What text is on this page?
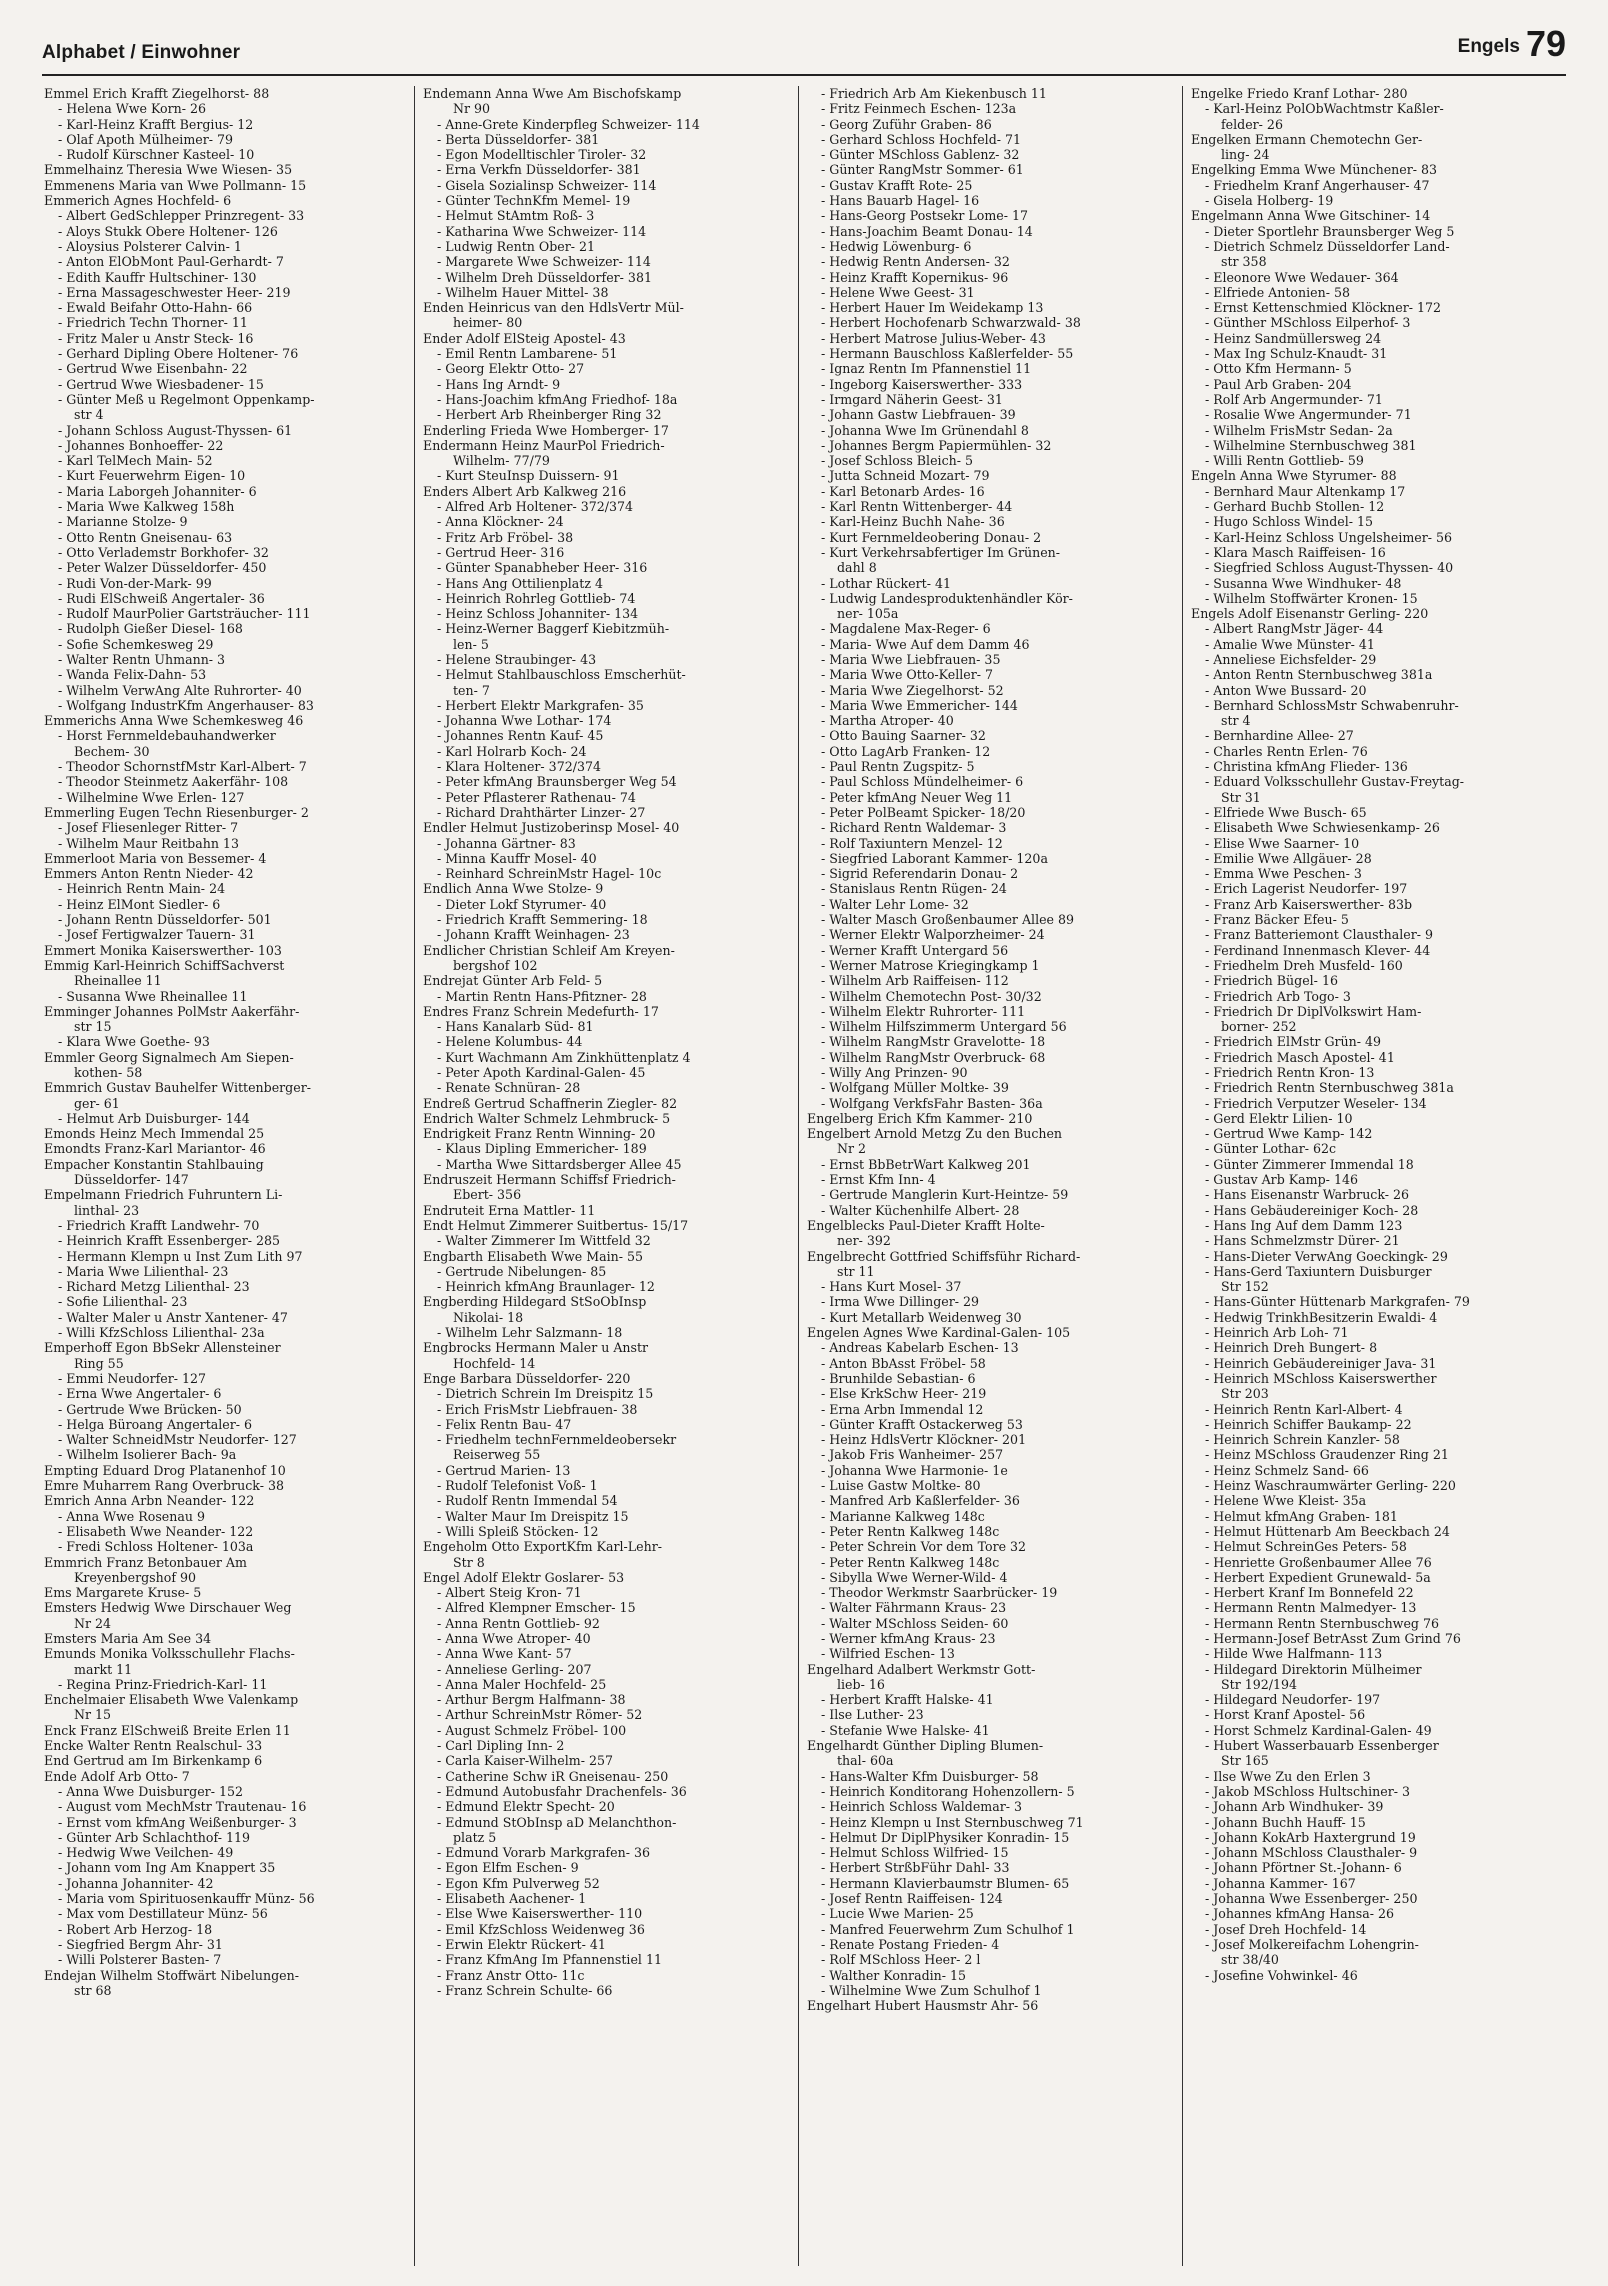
Alphabet / Einwohner	Engels 79
Emmel Erich Krafft Ziegelhorst- 88
- Helena Wwe Korn- 26
- Karl-Heinz Krafft Bergius- 12
- Olaf Apoth Mülheimer- 79
- Rudolf Kürschner Kasteel- 10
Emmelhainz Theresia Wwe Wiesen- 35
Emmenens Maria van Wwe Pollmann- 15
Emmerich Agnes Hochfeld- 6
- Albert GedSchlepper Prinzregent- 33
- Aloys Stukk Obere Holtener- 126
- Aloysius Polsterer Calvin- 1
- Anton ElObMont Paul-Gerhardt- 7
- Edith Kauffr Hultschiner- 130
- Erna Massageschwester Heer- 219
- Ewald Beifahr Otto-Hahn- 66
- Friedrich Techn Thorner- 11
- Fritz Maler u Anstr Steck- 16
- Gerhard Dipling Obere Holtener- 76
- Gertrud Wwe Eisenbahn- 22
- Gertrud Wwe Wiesbadener- 15
- Günter Meß u Regelmont Oppenkamp-
str 4
- Johann Schloss August-Thyssen- 61
- Johannes Bonhoeffer- 22
- Karl TelMech Main- 52
- Kurt Feuerwehrm Eigen- 10
- Maria Laborgeh Johanniter- 6
- Maria Wwe Kalkweg 158h
- Marianne Stolze- 9
- Otto Rentn Gneisenau- 63
- Otto Verlademstr Borkhofer- 32
- Peter Walzer Düsseldorfer- 450
- Rudi Von-der-Mark- 99
- Rudi ElSchweiß Angertaler- 36
- Rudolf MaurPolier Gartsträucher- 111
- Rudolph Gießer Diesel- 168
- Sofie Schemkesweg 29
- Walter Rentn Uhmann- 3
- Wanda Felix-Dahn- 53
- Wilhelm VerwAng Alte Ruhrorter- 40
- Wolfgang IndustrKfm Angerhauser- 83
Emmerichs Anna Wwe Schemkesweg 46
- Horst Fernmeldebauhandwerker
Bechem- 30
- Theodor SchornstfMstr Karl-Albert- 7
- Theodor Steinmetz Aakerfähr- 108
- Wilhelmine Wwe Erlen- 127
Emmerling Eugen Techn Riesenburger- 2
- Josef Fliesenleger Ritter- 7
- Wilhelm Maur Reitbahn 13
Emmerloot Maria von Bessemer- 4
Emmers Anton Rentn Nieder- 42
- Heinrich Rentn Main- 24
- Heinz ElMont Siedler- 6
- Johann Rentn Düsseldorfer- 501
- Josef Fertigwalzer Tauern- 31
Emmert Monika Kaiserswerther- 103
Emmig Karl-Heinrich SchiffSachverst
Rheinallee 11
- Susanna Wwe Rheinallee 11
Emminger Johannes PolMstr Aakerfähr-
str 15
- Klara Wwe Goethe- 93
Emmler Georg Signalmech Am Siepen-
kothen- 58
Emmrich Gustav Bauhelfer Wittenberger-
ger- 61
- Helmut Arb Duisburger- 144
Emonds Heinz Mech Immendal 25
Emondts Franz-Karl Mariantor- 46
Empacher Konstantin Stahlbauing
Düsseldorfer- 147
Empelmann Friedrich Fuhruntern Li-
linthal- 23
- Friedrich Krafft Landwehr- 70
- Heinrich Krafft Essenberger- 285
- Hermann Klempn u Inst Zum Lith 97
- Maria Wwe Lilienthal- 23
- Richard Metzg Lilienthal- 23
- Sofie Lilienthal- 23
- Walter Maler u Anstr Xantener- 47
- Willi KfzSchloss Lilienthal- 23a
Emperhoff Egon BbSekr Allensteiner
Ring 55
- Emmi Neudorfer- 127
- Erna Wwe Angertaler- 6
- Gertrude Wwe Brücken- 50
- Helga Büroang Angertaler- 6
- Walter SchneidMstr Neudorfer- 127
- Wilhelm Isolierer Bach- 9a
Empting Eduard Drog Platanenhof 10
Emre Muharrem Rang Overbruck- 38
Emrich Anna Arbn Neander- 122
- Anna Wwe Rosenau 9
- Elisabeth Wwe Neander- 122
- Fredi Schloss Holtener- 103a
Emmrich Franz Betonbauer Am
Kreyenbergshof 90
Ems Margarete Kruse- 5
Emsters Hedwig Wwe Dirschauer Weg
Nr 24
Emsters Maria Am See 34
Emunds Monika Volksschullehr Flachs-
markt 11
- Regina Prinz-Friedrich-Karl- 11
Enchelmaier Elisabeth Wwe Valenkamp
Nr 15
Enck Franz ElSchweiß Breite Erlen 11
Encke Walter Rentn Realschul- 33
End Gertrud am Im Birkenkamp 6
Ende Adolf Arb Otto- 7
- Anna Wwe Duisburger- 152
- August vom MechMstr Trautenau- 16
- Ernst vom kfmAng Weißenburger- 3
- Günter Arb Schlachthof- 119
- Hedwig Wwe Veilchen- 49
- Johann vom Ing Am Knappert 35
- Johanna Johanniter- 42
- Maria vom Spirituosenkauffr Münz- 56
- Max vom Destillateur Münz- 56
- Robert Arb Herzog- 18
- Siegfried Bergm Ahr- 31
- Willi Polsterer Basten- 7
Endejan Wilhelm Stoffwärt Nibelungen-
str 68
Endemann Anna Wwe Am Bischofskamp
Nr 90
- Anne-Grete Kinderpfleg Schweizer- 114
- Berta Düsseldorfer- 381
- Egon Modelltischler Tiroler- 32
- Erna Verkfn Düsseldorfer- 381
- Gisela Sozialinsp Schweizer- 114
- Günter TechnKfm Memel- 19
- Helmut StAmtm Roß- 3
- Katharina Wwe Schweizer- 114
- Ludwig Rentn Ober- 21
- Margarete Wwe Schweizer- 114
- Wilhelm Dreh Düsseldorfer- 381
- Wilhelm Hauer Mittel- 38
Enden Heinricus van den HdlsVertr Mül-
heimer- 80
Ender Adolf ElSteig Apostel- 43
- Emil Rentn Lambarene- 51
- Georg Elektr Otto- 27
- Hans Ing Arndt- 9
- Hans-Joachim kfmAng Friedhof- 18a
- Herbert Arb Rheinberger Ring 32
Enderling Frieda Wwe Homberger- 17
Endermann Heinz MaurPol Friedrich-
Wilhelm- 77/79
- Kurt SteuInsp Duissern- 91
Enders Albert Arb Kalkweg 216
- Alfred Arb Holtener- 372/374
- Anna Klöckner- 24
- Fritz Arb Fröbel- 38
- Gertrud Heer- 316
- Günter Spanabheber Heer- 316
- Hans Ang Ottilienplatz 4
- Heinrich Rohrleg Gottlieb- 74
- Heinz Schloss Johanniter- 134
- Heinz-Werner Baggerf Kiebitzmüh-
len- 5
- Helene Straubinger- 43
- Helmut Stahlbauschloss Emscherhüt-
ten- 7
- Herbert Elektr Markgrafen- 35
- Johanna Wwe Lothar- 174
- Johannes Rentn Kauf- 45
- Karl Holrarb Koch- 24
- Klara Holtener- 372/374
- Peter kfmAng Braunsberger Weg 54
- Peter Pflasterer Rathenau- 74
- Richard Drahthärter Linzer- 27
Endler Helmut Justizoberinsp Mosel- 40
- Johanna Gärtner- 83
- Minna Kauffr Mosel- 40
- Reinhard SchreinMstr Hagel- 10c
Endlich Anna Wwe Stolze- 9
- Dieter Lokf Styrumer- 40
- Friedrich Krafft Semmering- 18
- Johann Krafft Weinhagen- 23
Endlicher Christian Schleif Am Kreyen-
bergshof 102
Endrejat Günter Arb Feld- 5
- Martin Rentn Hans-Pfitzner- 28
Endres Franz Schrein Medefurth- 17
- Hans Kanalarb Süd- 81
- Helene Kolumbus- 44
- Kurt Wachmann Am Zinkhüttenplatz 4
- Peter Apoth Kardinal-Galen- 45
- Renate Schnüran- 28
Endreß Gertrud Schaffnerin Ziegler- 82
Endrich Walter Schmelz Lehmbruck- 5
Endrigkeit Franz Rentn Winning- 20
- Klaus Dipling Emmericher- 189
- Martha Wwe Sittardsberger Allee 45
Endruszeit Hermann Schiffsf Friedrich-
Ebert- 356
Endruteit Erna Mattler- 11
Endt Helmut Zimmerer Suitbertus- 15/17
- Walter Zimmerer Im Wittfeld 32
Engbarth Elisabeth Wwe Main- 55
- Gertrude Nibelungen- 85
- Heinrich kfmAng Braunlager- 12
Engberding Hildegard StSoObInsp
Nikolai- 18
- Wilhelm Lehr Salzmann- 18
Engbrocks Hermann Maler u Anstr
Hochfeld- 14
Enge Barbara Düsseldorfer- 220
- Dietrich Schrein Im Dreispitz 15
- Erich FrisMstr Liebfrauen- 38
- Felix Rentn Bau- 47
- Friedhelm technFernmeldeobersekr
Reiserweg 55
- Gertrud Marien- 13
- Rudolf Telefonist Voß- 1
- Rudolf Rentn Immendal 54
- Walter Maur Im Dreispitz 15
- Willi Spleiß Stöcken- 12
Engeholm Otto ExportKfm Karl-Lehr-
Str 8
Engel Adolf Elektr Goslarer- 53
- Albert Steig Kron- 71
- Alfred Klempner Emscher- 15
- Anna Rentn Gottlieb- 92
- Anna Wwe Atroper- 40
- Anna Wwe Kant- 57
- Anneliese Gerling- 207
- Anna Maler Hochfeld- 25
- Arthur Bergm Halfmann- 38
- Arthur SchreinMstr Römer- 52
- August Schmelz Fröbel- 100
- Carl Dipling Inn- 2
- Carla Kaiser-Wilhelm- 257
- Catherine Schw iR Gneisenau- 250
- Edmund Autobusfahr Drachenfels- 36
- Edmund Elektr Specht- 20
- Edmund StObInsp aD Melanchthon-
platz 5
- Edmund Vorarb Markgrafen- 36
- Egon Elfm Eschen- 9
- Egon Kfm Pulverweg 52
- Elisabeth Aachener- 1
- Else Wwe Kaiserswerther- 110
- Emil KfzSchloss Weidenweg 36
- Erwin Elektr Rückert- 41
- Franz KfmAng Im Pfannenstiel 11
- Franz Anstr Otto- 11c
- Franz Schrein Schulte- 66
- Friedrich Arb Am Kiekenbusch 11
- Fritz Feinmech Eschen- 123a
- Georg Zuführ Graben- 86
- Gerhard Schloss Hochfeld- 71
- Günter MSchloss Gablenz- 32
- Günter RangMstr Sommer- 61
- Gustav Krafft Rote- 25
- Hans Bauarb Hagel- 16
- Hans-Georg Postsekr Lome- 17
- Hans-Joachim Beamt Donau- 14
- Hedwig Löwenburg- 6
- Hedwig Rentn Andersen- 32
- Heinz Krafft Kopernikus- 96
- Helene Wwe Geest- 31
- Herbert Hauer Im Weidekamp 13
- Herbert Hochofenarb Schwarzwald- 38
- Herbert Matrose Julius-Weber- 43
- Hermann Bauschloss Kaßlerfelder- 55
- Ignaz Rentn Im Pfannenstiel 11
- Ingeborg Kaiserswerther- 333
- Irmgard Näherin Geest- 31
- Johann Gastw Liebfrauen- 39
- Johanna Wwe Im Grünendahl 8
- Johannes Bergm Papiermühlen- 32
- Josef Schloss Bleich- 5
- Jutta Schneid Mozart- 79
- Karl Betonarb Ardes- 16
- Karl Rentn Wittenberger- 44
- Karl-Heinz Buchh Nahe- 36
- Kurt Fernmeldeobering Donau- 2
- Kurt Verkehrsabfertiger Im Grünen-
dahl 8
- Lothar Rückert- 41
- Ludwig Landesproduktenhändler Kör-
ner- 105a
- Magdalene Max-Reger- 6
- Maria- Wwe Auf dem Damm 46
- Maria Wwe Liebfrauen- 35
- Maria Wwe Otto-Keller- 7
- Maria Wwe Ziegelhorst- 52
- Maria Wwe Emmericher- 144
- Martha Atroper- 40
- Otto Bauing Saarner- 32
- Otto LagArb Franken- 12
- Paul Rentn Zugspitz- 5
- Paul Schloss Mündelheimer- 6
- Peter kfmAng Neuer Weg 11
- Peter PolBeamt Spicker- 18/20
- Richard Rentn Waldemar- 3
- Rolf Taxiuntern Menzel- 12
- Siegfried Laborant Kammer- 120a
- Sigrid Referendarin Donau- 2
- Stanislaus Rentn Rügen- 24
- Walter Lehr Lome- 32
- Walter Masch Großenbaumer Allee 89
- Werner Elektr Walporzheimer- 24
- Werner Krafft Untergard 56
- Werner Matrose Kriegingkamp 1
- Wilhelm Arb Raiffeisen- 112
- Wilhelm Chemotechn Post- 30/32
- Wilhelm Elektr Ruhrorter- 111
- Wilhelm Hilfszimmerm Untergard 56
- Wilhelm RangMstr Gravelotte- 18
- Wilhelm RangMstr Overbruck- 68
- Willy Ang Prinzen- 90
- Wolfgang Müller Moltke- 39
- Wolfgang VerkfsFahr Basten- 36a
Engelberg Erich Kfm Kammer- 210
Engelbert Arnold Metzg Zu den Buchen
Nr 2
- Ernst BbBetrWart Kalkweg 201
- Ernst Kfm Inn- 4
- Gertrude Manglerin Kurt-Heintze- 59
- Walter Küchenhilfe Albert- 28
Engelblecks Paul-Dieter Krafft Holte-
ner- 392
Engelbrecht Gottfried Schiffsführ Richard-
str 11
- Hans Kurt Mosel- 37
- Irma Wwe Dillinger- 29
- Kurt Metallarb Weidenweg 30
Engelen Agnes Wwe Kardinal-Galen- 105
- Andreas Kabelarb Eschen- 13
- Anton BbAsst Fröbel- 58
- Brunhilde Sebastian- 6
- Else KrkSchw Heer- 219
- Erna Arbn Immendal 12
- Günter Krafft Ostackerweg 53
- Heinz HdlsVertr Klöckner- 201
- Jakob Fris Wanheimer- 257
- Johanna Wwe Harmonie- 1e
- Luise Gastw Moltke- 80
- Manfred Arb Kaßlerfelder- 36
- Marianne Kalkweg 148c
- Peter Rentn Kalkweg 148c
- Peter Schrein Vor dem Tore 32
- Peter Rentn Kalkweg 148c
- Sibylla Wwe Werner-Wild- 4
- Theodor Werkmstr Saarbrücker- 19
- Walter Fährmann Kraus- 23
- Walter MSchloss Seiden- 60
- Werner kfmAng Kraus- 23
- Wilfried Eschen- 13
Engelhard Adalbert Werkmstr Gott-
lieb- 16
- Herbert Krafft Halske- 41
- Ilse Luther- 23
- Stefanie Wwe Halske- 41
Engelhardt Günther Dipling Blumen-
thal- 60a
- Hans-Walter Kfm Duisburger- 58
- Heinrich Konditorang Hohenzollern- 5
- Heinrich Schloss Waldemar- 3
- Heinz Klempn u Inst Sternbuschweg 71
- Helmut Dr DiplPhysiker Konradin- 15
- Helmut Schloss Wilfried- 15
- Herbert StrßbFühr Dahl- 33
- Hermann Klavierbaumstr Blumen- 65
- Josef Rentn Raiffeisen- 124
- Lucie Wwe Marien- 25
- Manfred Feuerwehrm Zum Schulhof 1
- Renate Postang Frieden- 4
- Rolf MSchloss Heer- 2 l
- Walther Konradin- 15
- Wilhelmine Wwe Zum Schulhof 1
Engelhart Hubert Hausmstr Ahr- 56
Engelke Friedo Kranf Lothar- 280
- Karl-Heinz PolObWachtmstr Kaßler-
felder- 26
Engelken Ermann Chemotechn Ger-
ling- 24
Engelking Emma Wwe Münchener- 83
- Friedhelm Kranf Angerhauser- 47
- Gisela Holberg- 19
Engelmann Anna Wwe Gitschiner- 14
- Dieter Sportlehr Braunsberger Weg 5
- Dietrich Schmelz Düsseldorfer Land-
str 358
- Eleonore Wwe Wedauer- 364
- Elfriede Antonien- 58
- Ernst Kettenschmied Klöckner- 172
- Günther MSchloss Eilperhof- 3
- Heinz Sandmüllersweg 24
- Max Ing Schulz-Knaudt- 31
- Otto Kfm Hermann- 5
- Paul Arb Graben- 204
- Rolf Arb Angermunder- 71
- Rosalie Wwe Angermunder- 71
- Wilhelm FrisMstr Sedan- 2a
- Wilhelmine Sternbuschweg 381
- Willi Rentn Gottlieb- 59
Engeln Anna Wwe Styrumer- 88
- Bernhard Maur Altenkamp 17
- Gerhard Buchb Stollen- 12
- Hugo Schloss Windel- 15
- Karl-Heinz Schloss Ungelsheimer- 56
- Klara Masch Raiffeisen- 16
- Siegfried Schloss August-Thyssen- 40
- Susanna Wwe Windhuker- 48
- Wilhelm Stoffwärter Kronen- 15
Engels Adolf Eisenanstr Gerling- 220
- Albert RangMstr Jäger- 44
- Amalie Wwe Münster- 41
- Anneliese Eichsfelder- 29
- Anton Rentn Sternbuschweg 381a
- Anton Wwe Bussard- 20
- Bernhard SchlossMstr Schwabenruhr-
str 4
- Bernhardine Allee- 27
- Charles Rentn Erlen- 76
- Christina kfmAng Flieder- 136
- Eduard Volksschullehr Gustav-Freytag-
Str 31
- Elfriede Wwe Busch- 65
- Elisabeth Wwe Schwiesenkamp- 26
- Elise Wwe Saarner- 10
- Emilie Wwe Allgäuer- 28
- Emma Wwe Peschen- 3
- Erich Lagerist Neudorfer- 197
- Franz Arb Kaiserswerther- 83b
- Franz Bäcker Efeu- 5
- Franz Batteriemont Clausthaler- 9
- Ferdinand Innenmasch Klever- 44
- Friedhelm Dreh Musfeld- 160
- Friedrich Bügel- 16
- Friedrich Arb Togo- 3
- Friedrich Dr DiplVolkswirt Ham-
borner- 252
- Friedrich ElMstr Grün- 49
- Friedrich Masch Apostel- 41
- Friedrich Rentn Kron- 13
- Friedrich Rentn Sternbuschweg 381a
- Friedrich Verputzer Weseler- 134
- Gerd Elektr Lilien- 10
- Gertrud Wwe Kamp- 142
- Günter Lothar- 62c
- Günter Zimmerer Immendal 18
- Gustav Arb Kamp- 146
- Hans Eisenanstr Warbruck- 26
- Hans Gebäudereiniger Koch- 28
- Hans Ing Auf dem Damm 123
- Hans Schmelzmstr Dürer- 21
- Hans-Dieter VerwAng Goeckingk- 29
- Hans-Gerd Taxiuntern Duisburger
Str 152
- Hans-Günter Hüttenarb Markgrafen- 79
- Hedwig TrinkhBesitzerin Ewaldi- 4
- Heinrich Arb Loh- 71
- Heinrich Dreh Bungert- 8
- Heinrich Gebäudereiniger Java- 31
- Heinrich MSchloss Kaiserswerther
Str 203
- Heinrich Rentn Karl-Albert- 4
- Heinrich Schiffer Baukamp- 22
- Heinrich Schrein Kanzler- 58
- Heinz MSchloss Graudenzer Ring 21
- Heinz Schmelz Sand- 66
- Heinz Waschraumwärter Gerling- 220
- Helene Wwe Kleist- 35a
- Helmut kfmAng Graben- 181
- Helmut Hüttenarb Am Beeckbach 24
- Helmut SchreinGes Peters- 58
- Henriette Großenbaumer Allee 76
- Herbert Expedient Grunewald- 5a
- Herbert Kranf Im Bonnefeld 22
- Hermann Rentn Malmedyer- 13
- Hermann Rentn Sternbuschweg 76
- Hermann-Josef BetrAsst Zum Grind 76
- Hilde Wwe Halfmann- 113
- Hildegard Direktorin Mülheimer
Str 192/194
- Hildegard Neudorfer- 197
- Horst Kranf Apostel- 56
- Horst Schmelz Kardinal-Galen- 49
- Hubert Wasserbauarb Essenberger
Str 165
- Ilse Wwe Zu den Erlen 3
- Jakob MSchloss Hultschiner- 3
- Johann Arb Windhuker- 39
- Johann Buchh Hauff- 15
- Johann KokArb Haxtergrund 19
- Johann MSchloss Clausthaler- 9
- Johann Pförtner St.-Johann- 6
- Johanna Kammer- 167
- Johanna Wwe Essenberger- 250
- Johannes kfmAng Hansa- 26
- Josef Dreh Hochfeld- 14
- Josef Molkereifachm Lohengrin-
str 38/40
- Josefine Vohwinkel- 46
